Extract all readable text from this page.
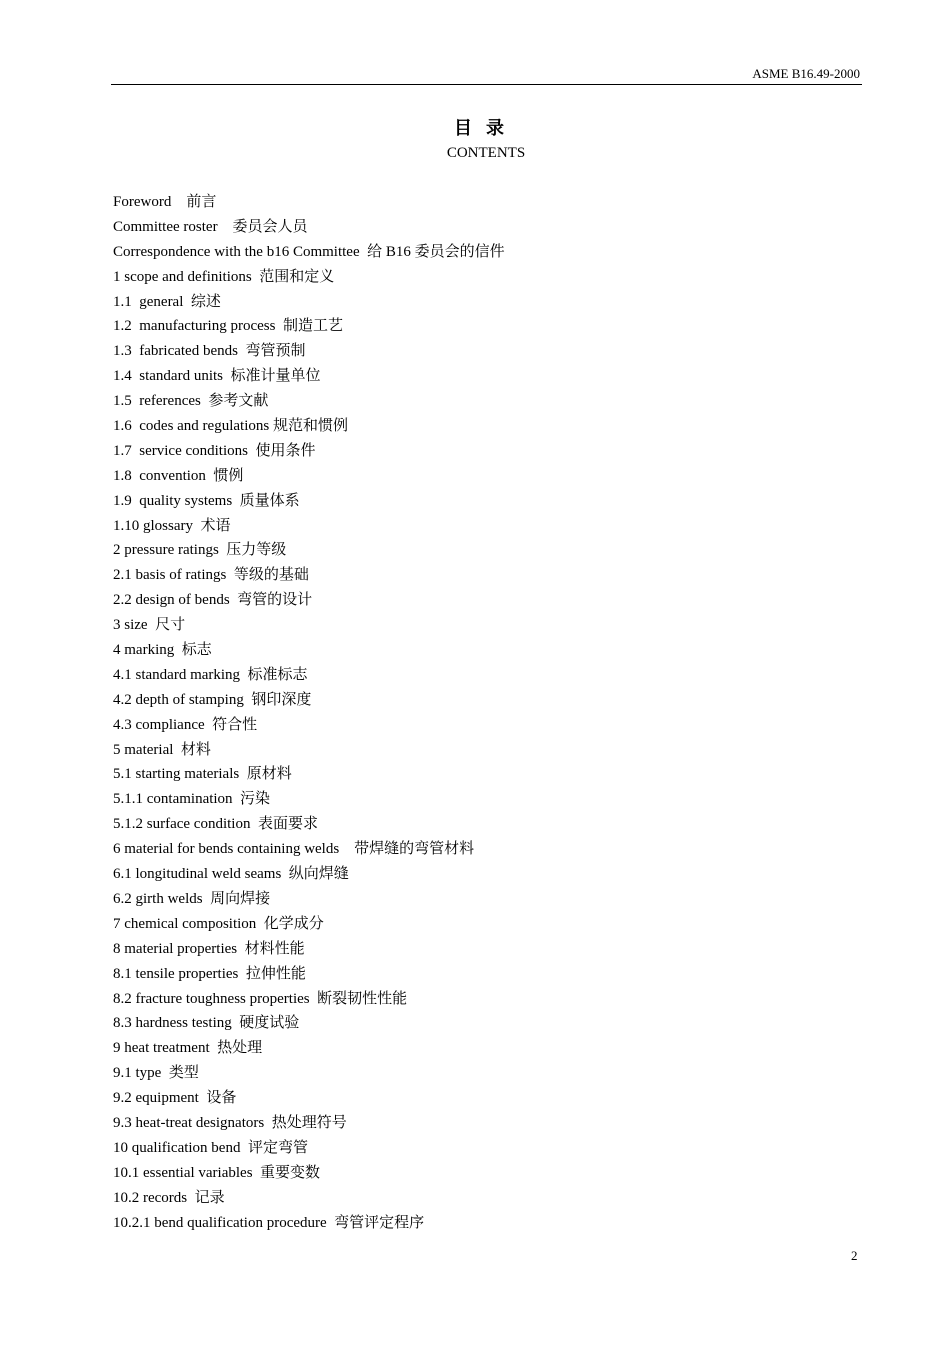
ASME B16.49-2000
目录
CONTENTS
Foreword    前言
Committee roster    委员会人员
Correspondence with the b16 Committee  给 B16 委员会的信件
1 scope and definitions  范围和定义
1.1  general  综述
1.2  manufacturing process  制造工艺
1.3  fabricated bends  弯管预制
1.4  standard units  标准计量单位
1.5  references  参考文献
1.6  codes and regulations 规范和惯例
1.7  service conditions  使用条件
1.8  convention  惯例
1.9  quality systems  质量体系
1.10 glossary  术语
2 pressure ratings  压力等级
2.1 basis of ratings  等级的基础
2.2 design of bends  弯管的设计
3 size  尺寸
4 marking  标志
4.1 standard marking  标准标志
4.2 depth of stamping  钢印深度
4.3 compliance  符合性
5 material  材料
5.1 starting materials  原材料
5.1.1 contamination  污染
5.1.2 surface condition  表面要求
6 material for bends containing welds    带焊缝的弯管材料
6.1 longitudinal weld seams  纵向焊缝
6.2 girth welds  周向焊接
7 chemical composition  化学成分
8 material properties  材料性能
8.1 tensile properties  拉伸性能
8.2 fracture toughness properties  断裂韧性性能
8.3 hardness testing  硬度试验
9 heat treatment  热处理
9.1 type  类型
9.2 equipment  设备
9.3 heat-treat designators  热处理符号
10 qualification bend  评定弯管
10.1 essential variables  重要变数
10.2 records  记录
10.2.1 bend qualification procedure  弯管评定程序
2
